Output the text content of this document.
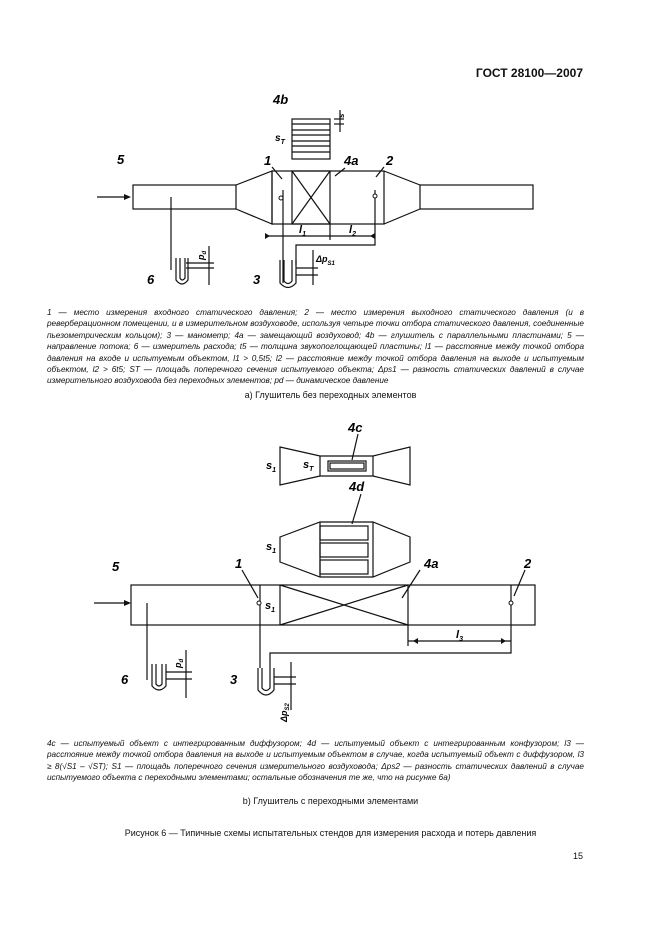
ГОСТ 28100—2007
4b
$s_T$
s
5	1	4a 2
$l_1$	$l_2$
6	3
$p_d$
$\Delta p_{S1}$
1 — место измерения входного статического давления; 2 — место измерения выходного статического давления (и в реверберационном помещении, и в измерительном воздуховоде, используя четыре точки отбора статического давления, соединенные пьезометрическим кольцом); 3 — манометр; 4a — замещающий воздуховод; 4b — глушитель с параллельными пластинами; 5 — направление потока; 6 — измеритель расхода; t5 — толщина звукопоглощающей пластины; l1 — расстояние между точкой отбора давления на входе и испытуемым объектом, l1 > 0,5t5; l2 — расстояние между точкой отбора давления на выходе и испытуемым объектом, l2 > 6t5; ST — площадь поперечного сечения испытуемого объекта; Δps1 — разность статических давлений в случае измерительного воздуховода без переходных элементов; pd — динамическое давление
a) Глушитель без переходных элементов
4c
$s_1$ $s_T$
4d
$s_1$
5	1	4a	2
$s_1$
$l_3$
6	3
$p_d$
$\Delta p_{S2}$
4c — испытуемый объект с интегрированным диффузором; 4d — испытуемый объект с интегрированным конфузором; l3 — расстояние между точкой отбора давления на выходе и испытуемым объектом в случае, когда испытуемый объект с диффузором, l3 ≥ 8(√S1 – √ST); S1 — площадь поперечного сечения измерительного воздуховода; Δps2 — разность статических давлений в случае испытуемого объекта с переходными элементами; остальные обозначения те же, что на рисунке 6а)
b) Глушитель с переходными элементами
Рисунок 6 — Типичные схемы испытательных стендов для измерения расхода и потерь давления
15
